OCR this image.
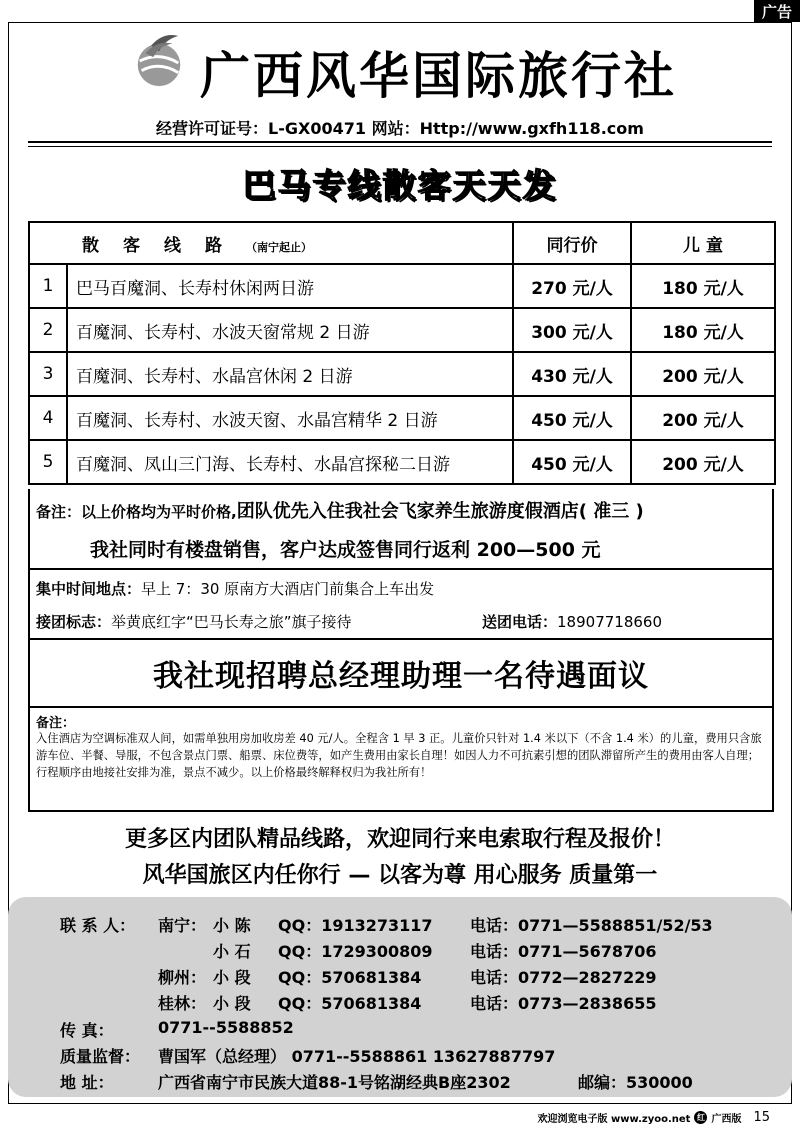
广告
广西风华国际旅行社
经营许可证号：L-GX00471 网站：Http://www.gxfh118.com
巴马专线散客天天发
散客线路（南宁起止）		同行价	儿 童
1	巴马百魔洞、长寿村休闲两日游	270 元/人	180 元/人
2	百魔洞、长寿村、水波天窗常规 2 日游	300 元/人	180 元/人
3	百魔洞、长寿村、水晶宫休闲 2 日游	430 元/人	200 元/人
4	百魔洞、长寿村、水波天窗、水晶宫精华 2 日游	450 元/人	200 元/人
5	百魔洞、凤山三门海、长寿村、水晶宫探秘二日游	450 元/人	200 元/人
备注：以上价格均为平时价格,团队优先入住我社会飞家养生旅游度假酒店( 准三 )
我社同时有楼盘销售，客户达成签售同行返利 200—500 元
集中时间地点：早上 7：30 原南方大酒店门前集合上车出发
接团标志：举黄底红字“巴马长寿之旅”旗子接待	送团电话：18907718660
我社现招聘总经理助理一名待遇面议
备注：
入住酒店为空调标准双人间，如需单独用房加收房差 40 元/人。全程含 1 早 3 正。儿童价只针对 1.4 米以下（不含 1.4 米）的儿童，费用只含旅游车位、半餐、导服，不包含景点门票、船票、床位费等，如产生费用由家长自理！如因人力不可抗素引想的团队滞留所产生的费用由客人自理；行程顺序由地接社安排为准，景点不减少。以上价格最终解释权归为我社所有！
更多区内团队精品线路，欢迎同行来电索取行程及报价！
风华国旅区内任你行 — 以客为尊 用心服务 质量第一
联 系 人： 南宁： 小 陈 QQ：1913273117 电话：0771—5588851/52/53
小 石 QQ：1729300809 电话：0771—5678706
柳州： 小 段 QQ：570681384	电话：0772—2827229
桂林： 小 段 QQ：570681384	电话：0773—2838655
传 真：	0771--5588852
质量监督： 曹国军（总经理） 0771--5588861 13627887797
地 址：	广西省南宁市民族大道88-1号铭湖经典B座2302	邮编：530000
欢迎浏览电子版 www.zyoo.net 红 广西版 15
